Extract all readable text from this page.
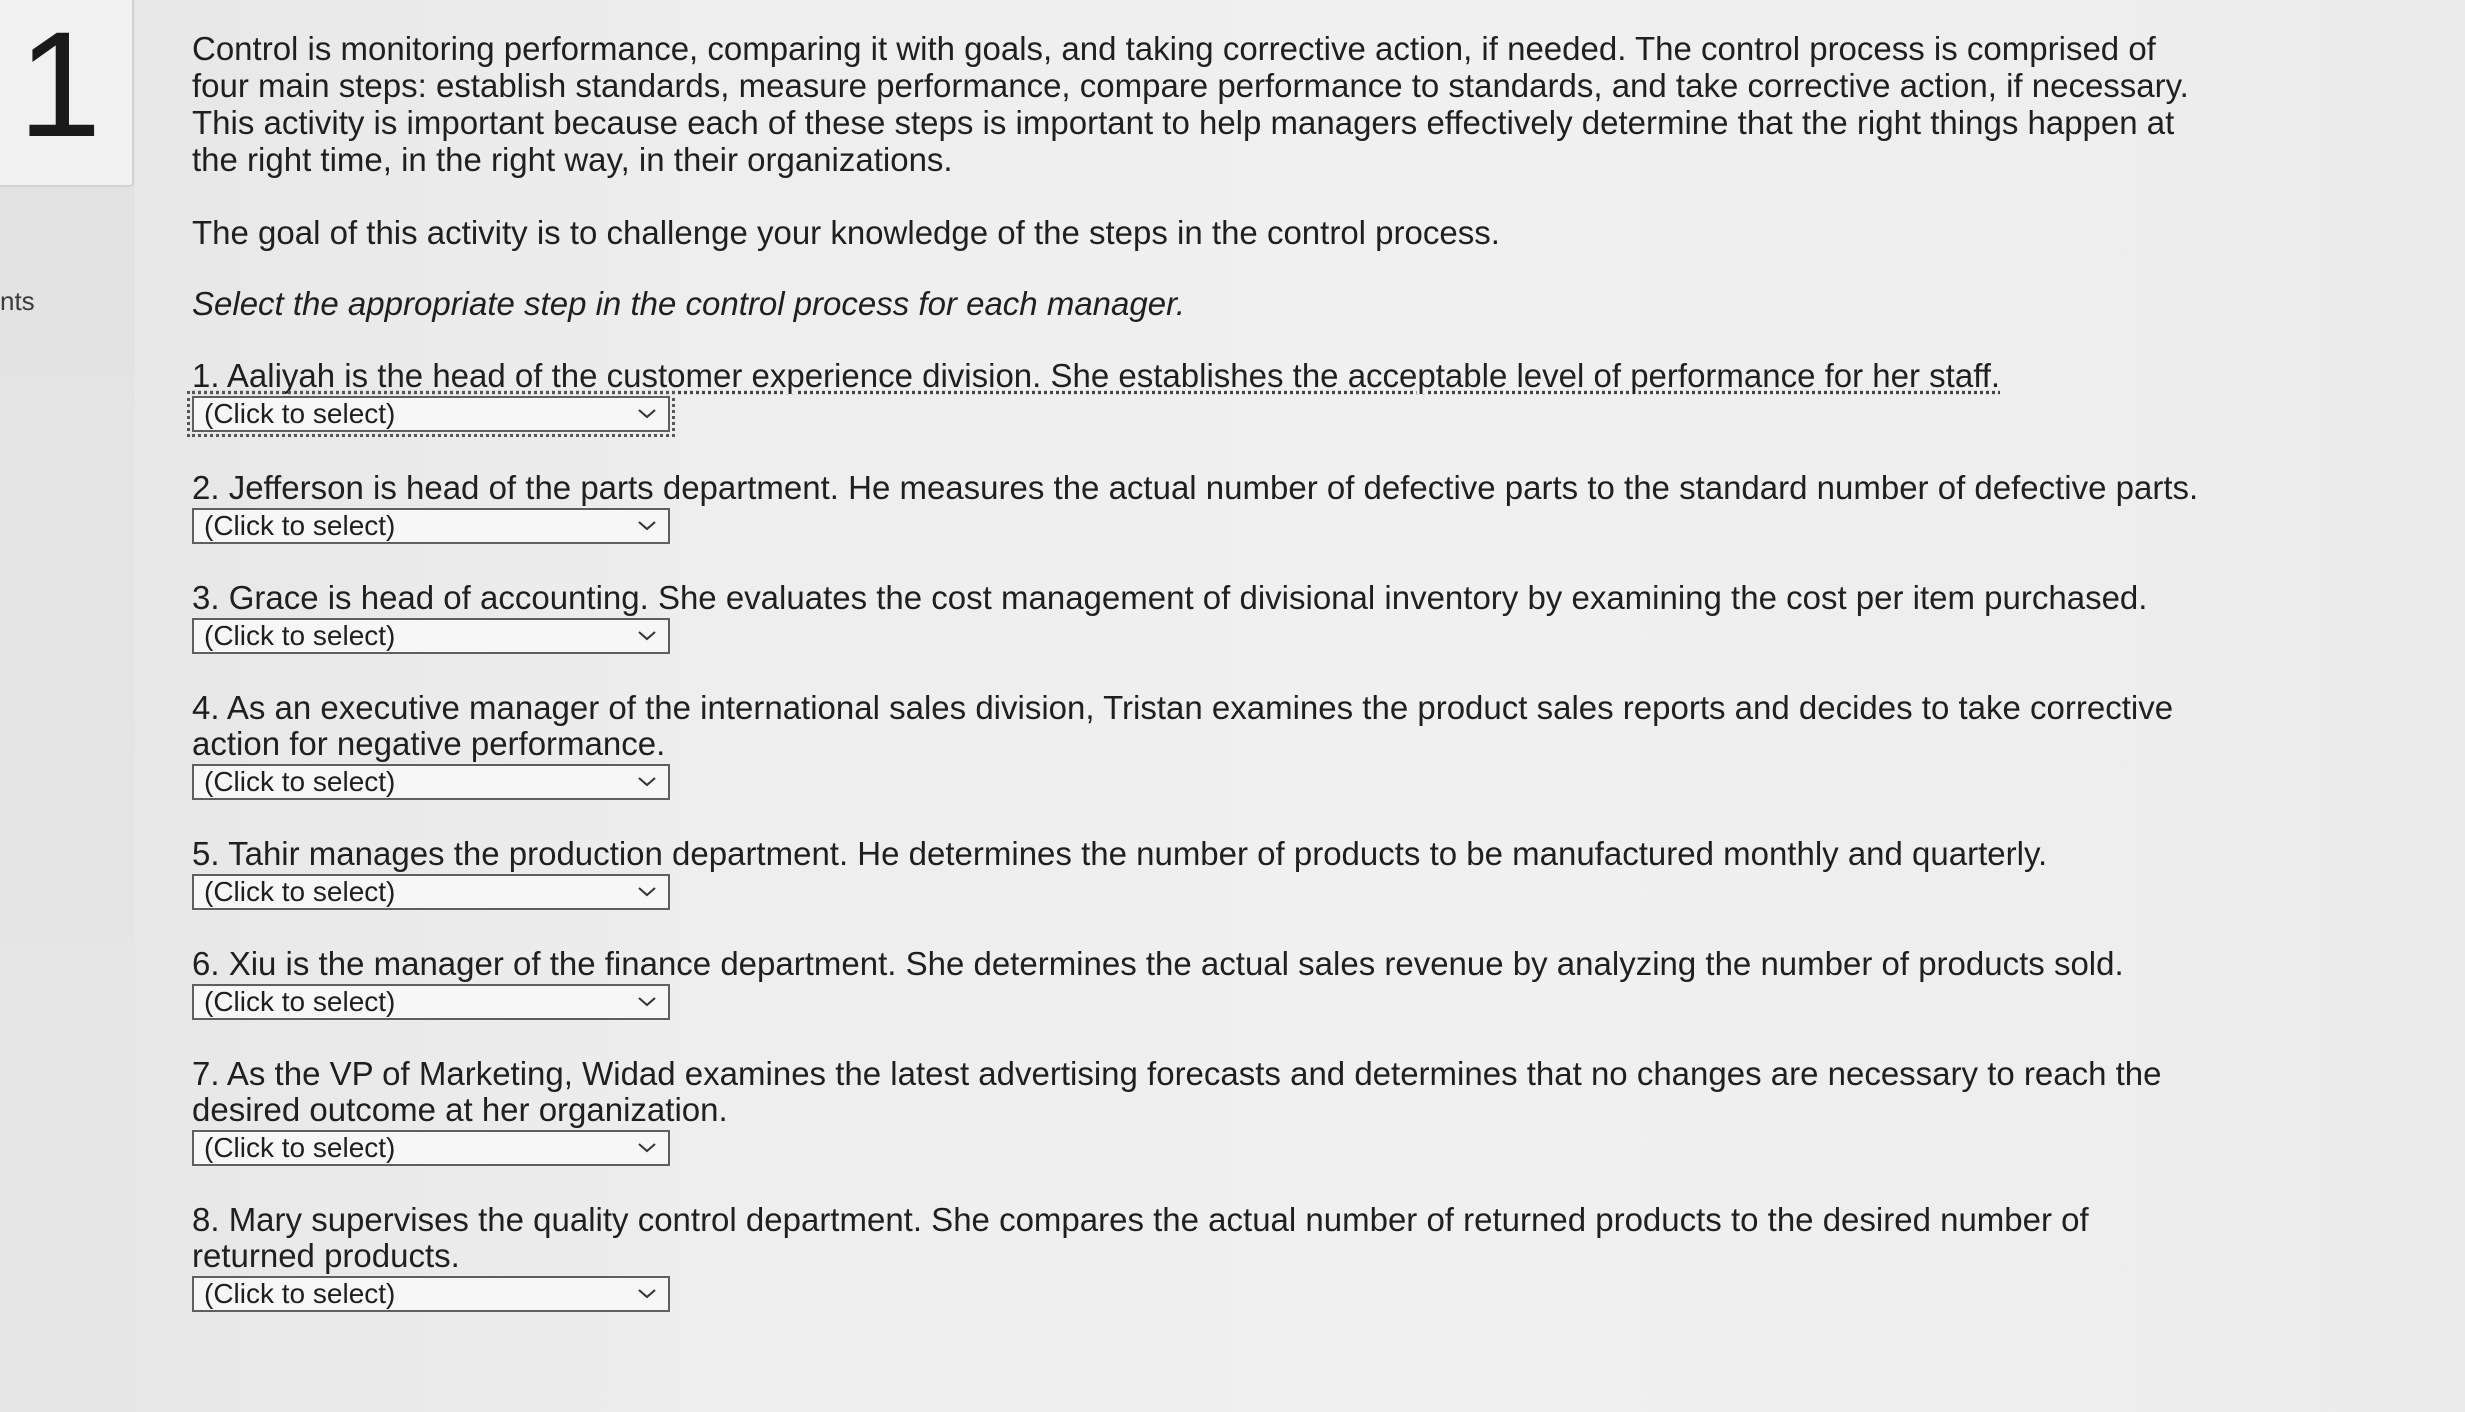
1
nts

Control is monitoring performance, comparing it with goals, and taking corrective action, if needed. The control process is comprised of four main steps: establish standards, measure performance, compare performance to standards, and take corrective action, if necessary. This activity is important because each of these steps is important to help managers effectively determine that the right things happen at the right time, in the right way, in their organizations.

The goal of this activity is to challenge your knowledge of the steps in the control process.

Select the appropriate step in the control process for each manager.

1. Aaliyah is the head of the customer experience division. She establishes the acceptable level of performance for her staff.
(Click to select)
2. Jefferson is head of the parts department. He measures the actual number of defective parts to the standard number of defective parts.
(Click to select)
3. Grace is head of accounting. She evaluates the cost management of divisional inventory by examining the cost per item purchased.
(Click to select)
4. As an executive manager of the international sales division, Tristan examines the product sales reports and decides to take corrective action for negative performance.
(Click to select)
5. Tahir manages the production department. He determines the number of products to be manufactured monthly and quarterly.
(Click to select)
6. Xiu is the manager of the finance department. She determines the actual sales revenue by analyzing the number of products sold.
(Click to select)
7. As the VP of Marketing, Widad examines the latest advertising forecasts and determines that no changes are necessary to reach the desired outcome at her organization.
(Click to select)
8. Mary supervises the quality control department. She compares the actual number of returned products to the desired number of returned products.
(Click to select)
